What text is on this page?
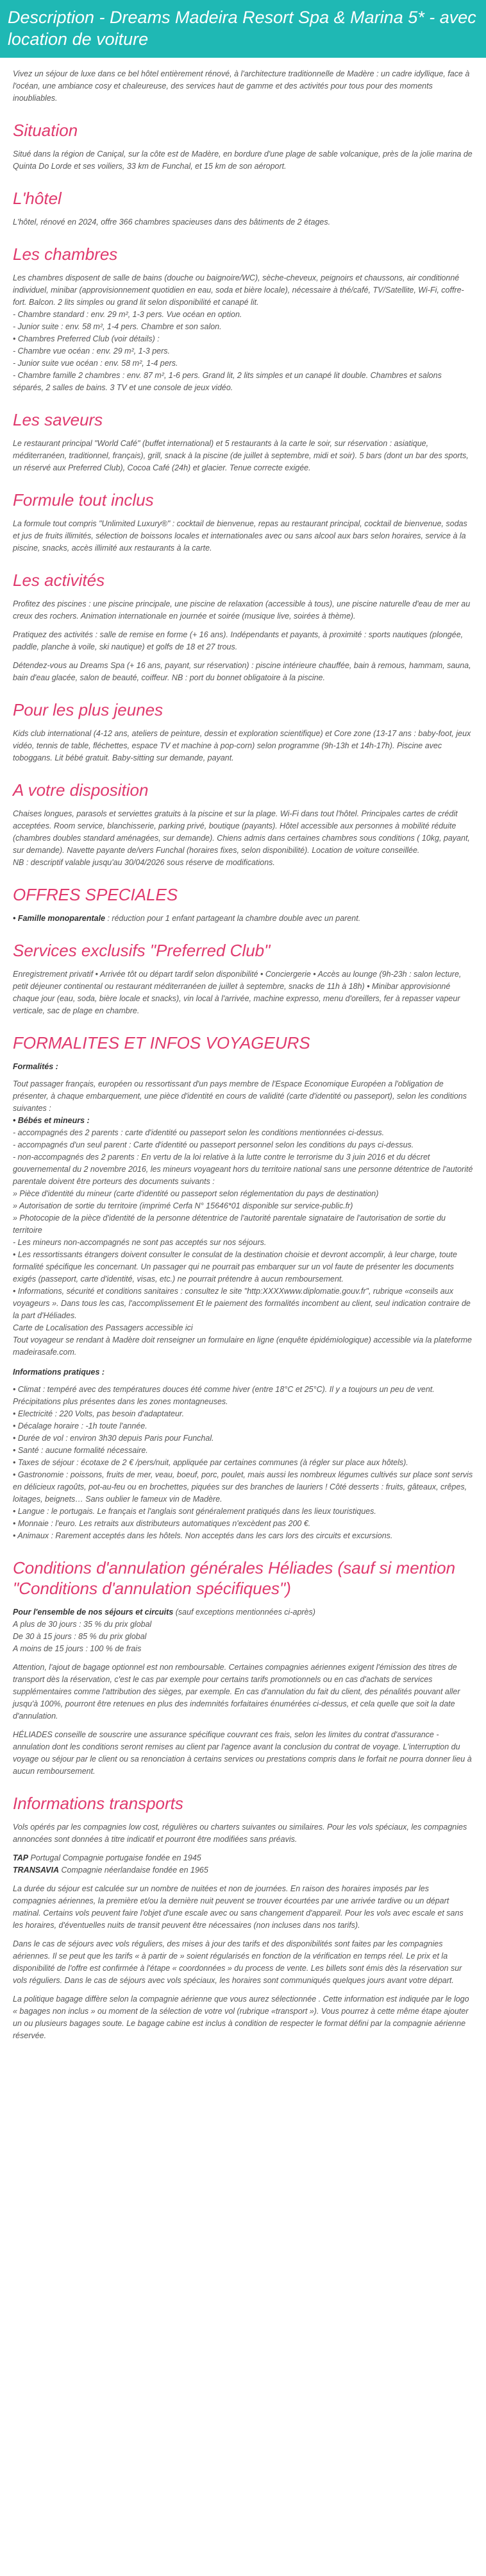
Description - Dreams Madeira Resort Spa & Marina 5* - avec location de voiture
Vivez un séjour de luxe dans ce bel hôtel entièrement rénové, à l'architecture traditionnelle de Madère : un cadre idyllique, face à l'océan, une ambiance cosy et chaleureuse, des services haut de gamme et des activités pour tous pour des moments inoubliables.
Situation

Situé dans la région de Caniçal, sur la côte est de Madère, en bordure d'une plage de sable volcanique, près de la jolie marina de Quinta Do Lorde et ses voiliers, 33 km de Funchal, et 15 km de son aéroport.

L'hôtel

L'hôtel, rénové en 2024, offre 366 chambres spacieuses dans des bâtiments de 2 étages.

Les chambres
Les chambres disposent de salle de bains (douche ou baignoire/WC), sèche-cheveux, peignoirs et chaussons, air conditionné individuel, minibar (approvisionnement quotidien en eau, soda et bière locale), nécessaire à thé/café, TV/Satellite, Wi-Fi, coffre-fort. Balcon. 2 lits simples ou grand lit selon disponibilité et canapé lit.
- Chambre standard : env. 29 m², 1-3 pers. Vue océan en option.
- Junior suite : env. 58 m², 1-4 pers. Chambre et son salon.
• Chambres Preferred Club (voir détails) :
- Chambre vue océan : env. 29 m², 1-3 pers.
- Junior suite vue océan : env. 58 m², 1-4 pers.
- Chambre famille 2 chambres : env. 87 m², 1-6 pers. Grand lit, 2 lits simples et un canapé lit double. Chambres et salons séparés, 2 salles de bains. 3 TV et une console de jeux vidéo.
Les saveurs

Le restaurant principal "World Café" (buffet international) et 5 restaurants à la carte le soir, sur réservation : asiatique, méditerranéen, traditionnel, français), grill, snack à la piscine (de juillet à septembre, midi et soir). 5 bars (dont un bar des sports, un réservé aux Preferred Club), Cocoa Café (24h) et glacier. Tenue correcte exigée.

Formule tout inclus

La formule tout compris "Unlimited Luxury®" : cocktail de bienvenue, repas au restaurant principal, cocktail de bienvenue, sodas et jus de fruits illimités, sélection de boissons locales et internationales avec ou sans alcool aux bars selon horaires, service à la piscine, snacks, accès illimité aux restaurants à la carte.

Les activités

Profitez des piscines : une piscine principale, une piscine de relaxation (accessible à tous), une piscine naturelle d'eau de mer au creux des rochers. Animation internationale en journée et soirée (musique live, soirées à thème).

Pratiquez des activités : salle de remise en forme (+ 16 ans). Indépendants et payants, à proximité : sports nautiques (plongée, paddle, planche à voile, ski nautique) et golfs de 18 et 27 trous.

Détendez-vous au Dreams Spa (+ 16 ans, payant, sur réservation) : piscine intérieure chauffée, bain à remous, hammam, sauna, bain d'eau glacée, salon de beauté, coiffeur. NB : port du bonnet obligatoire à la piscine.

Pour les plus jeunes

Kids club international (4-12 ans, ateliers de peinture, dessin et exploration scientifique) et Core zone (13-17 ans : baby-foot, jeux vidéo, tennis de table, fléchettes, espace TV et machine à pop-corn) selon programme (9h-13h et 14h-17h). Piscine avec toboggans. Lit bébé gratuit. Baby-sitting sur demande, payant.

A votre disposition
Chaises longues, parasols et serviettes gratuits à la piscine et sur la plage. Wi-Fi dans tout l'hôtel. Principales cartes de crédit acceptées. Room service, blanchisserie, parking privé, boutique (payants). Hôtel accessible aux personnes à mobilité réduite (chambres doubles standard aménagées, sur demande). Chiens admis dans certaines chambres sous conditions ( 10kg, payant, sur demande). Navette payante de/vers Funchal (horaires fixes, selon disponibilité). Location de voiture conseillée.
NB : descriptif valable jusqu'au 30/04/2026 sous réserve de modifications.
OFFRES SPECIALES

• Famille monoparentale : réduction pour 1 enfant partageant la chambre double avec un parent.

Services exclusifs "Preferred Club"

Enregistrement privatif • Arrivée tôt ou départ tardif selon disponibilité • Conciergerie • Accès au lounge (9h-23h : salon lecture, petit déjeuner continental ou restaurant méditerranéen de juillet à septembre, snacks de 11h à 18h) • Minibar approvisionné chaque jour (eau, soda, bière locale et snacks), vin local à l'arrivée, machine expresso, menu d'oreillers, fer à repasser vapeur verticale, sac de plage en chambre.

FORMALITES ET INFOS VOYAGEURS
Formalités :
Tout passager français, européen ou ressortissant d'un pays membre de l'Espace Economique Européen a l'obligation de présenter, à chaque embarquement, une pièce d'identité en cours de validité (carte d'identité ou passeport), selon les conditions suivantes :
• Bébés et mineurs :
- accompagnés des 2 parents : carte d'identité ou passeport selon les conditions mentionnées ci-dessus.
- accompagnés d'un seul parent : Carte d'identité ou passeport personnel selon les conditions du pays ci-dessus.
- non-accompagnés des 2 parents : En vertu de la loi relative à la lutte contre le terrorisme du 3 juin 2016 et du décret gouvernemental du 2 novembre 2016, les mineurs voyageant hors du territoire national sans une personne détentrice de l'autorité parentale doivent être porteurs des documents suivants :
» Pièce d'identité du mineur (carte d'identité ou passeport selon réglementation du pays de destination)
» Autorisation de sortie du territoire (imprimé Cerfa N° 15646*01 disponible sur service-public.fr)
» Photocopie de la pièce d'identité de la personne détentrice de l'autorité parentale signataire de l'autorisation de sortie du territoire
- Les mineurs non-accompagnés ne sont pas acceptés sur nos séjours.
• Les ressortissants étrangers doivent consulter le consulat de la destination choisie et devront accomplir, à leur charge, toute formalité spécifique les concernant. Un passager qui ne pourrait pas embarquer sur un vol faute de présenter les documents exigés (passeport, carte d'identité, visas, etc.) ne pourrait prétendre à aucun remboursement.
• Informations, sécurité et conditions sanitaires : consultez le site "http:XXXXwww.diplomatie.gouv.fr", rubrique «conseils aux voyageurs ». Dans tous les cas, l'accomplissement Et le paiement des formalités incombent au client, seul indication contraire de la part d'Héliades.
Carte de Localisation des Passagers accessible ici
Tout voyageur se rendant à Madère doit renseigner un formulaire en ligne (enquête épidémiologique) accessible via la plateforme madeirasafe.com.
Informations pratiques :
• Climat : tempéré avec des températures douces été comme hiver (entre 18°C et 25°C). Il y a toujours un peu de vent. Précipitations plus présentes dans les zones montagneuses.
• Electricité : 220 Volts, pas besoin d'adaptateur.
• Décalage horaire : -1h toute l'année.
• Durée de vol : environ 3h30 depuis Paris pour Funchal.
• Santé : aucune formalité nécessaire.
• Taxes de séjour : écotaxe de 2 € /pers/nuit, appliquée par certaines communes (à régler sur place aux hôtels).
• Gastronomie : poissons, fruits de mer, veau, boeuf, porc, poulet, mais aussi les nombreux légumes cultivés sur place sont servis en délicieux ragoûts, pot-au-feu ou en brochettes, piquées sur des branches de lauriers ! Côté desserts : fruits, gâteaux, crêpes, loitages, beignets… Sans oublier le fameux vin de Madère.
• Langue : le portugais. Le français et l'anglais sont généralement pratiqués dans les lieux touristiques.
• Monnaie : l'euro. Les retraits aux distributeurs automatiques n'excèdent pas 200 €.
• Animaux : Rarement acceptés dans les hôtels. Non acceptés dans les cars lors des circuits et excursions.
Conditions d'annulation générales Héliades (sauf si mention "Conditions d'annulation spécifiques")
Pour l'ensemble de nos séjours et circuits (sauf exceptions mentionnées ci-après)
A plus de 30 jours : 35 % du prix global
De 30 à 15 jours : 85 % du prix global
A moins de 15 jours : 100 % de frais

Attention, l'ajout de bagage optionnel est non remboursable. Certaines compagnies aériennes exigent l'émission des titres de transport dès la réservation, c'est le cas par exemple pour certains tarifs promotionnels ou en cas d'achats de services supplémentaires comme l'attribution des sièges, par exemple. En cas d'annulation du fait du client, des pénalités pouvant aller jusqu'à 100%, pourront être retenues en plus des indemnités forfaitaires énumérées ci-dessus, et cela quelle que soit la date d'annulation.

HÉLIADES conseille de souscrire une assurance spécifique couvrant ces frais, selon les limites du contrat d'assurance - annulation dont les conditions seront remises au client par l'agence avant la conclusion du contrat de voyage. L'interruption du voyage ou séjour par le client ou sa renonciation à certains services ou prestations compris dans le forfait ne pourra donner lieu à aucun remboursement.

Informations transports

Vols opérés par les compagnies low cost, régulières ou charters suivantes ou similaires. Pour les vols spéciaux, les compagnies annoncées sont données à titre indicatif et pourront être modifiées sans préavis.

TAP Portugal Compagnie portugaise fondée en 1945
TRANSAVIA Compagnie néerlandaise fondée en 1965

La durée du séjour est calculée sur un nombre de nuitées et non de journées. En raison des horaires imposés par les compagnies aériennes, la première et/ou la dernière nuit peuvent se trouver écourtées par une arrivée tardive ou un départ matinal. Certains vols peuvent faire l'objet d'une escale avec ou sans changement d'appareil. Pour les vols avec escale et sans les horaires, d'éventuelles nuits de transit peuvent être nécessaires (non incluses dans nos tarifs).

Dans le cas de séjours avec vols réguliers, des mises à jour des tarifs et des disponibilités sont faites par les compagnies aériennes. Il se peut que les tarifs « à partir de » soient régularisés en fonction de la vérification en temps réel. Le prix et la disponibilité de l'offre est confirmée à l'étape « coordonnées » du process de vente. Les billets sont émis dès la réservation sur vols réguliers. Dans le cas de séjours avec vols spéciaux, les horaires sont communiqués quelques jours avant votre départ.

La politique bagage diffère selon la compagnie aérienne que vous aurez sélectionnée . Cette information est indiquée par le logo « bagages non inclus » ou moment de la sélection de votre vol (rubrique «transport »). Vous pourrez à cette même étape ajouter un ou plusieurs bagages soute. Le bagage cabine est inclus à condition de respecter le format défini par la compagnie aérienne réservée.
